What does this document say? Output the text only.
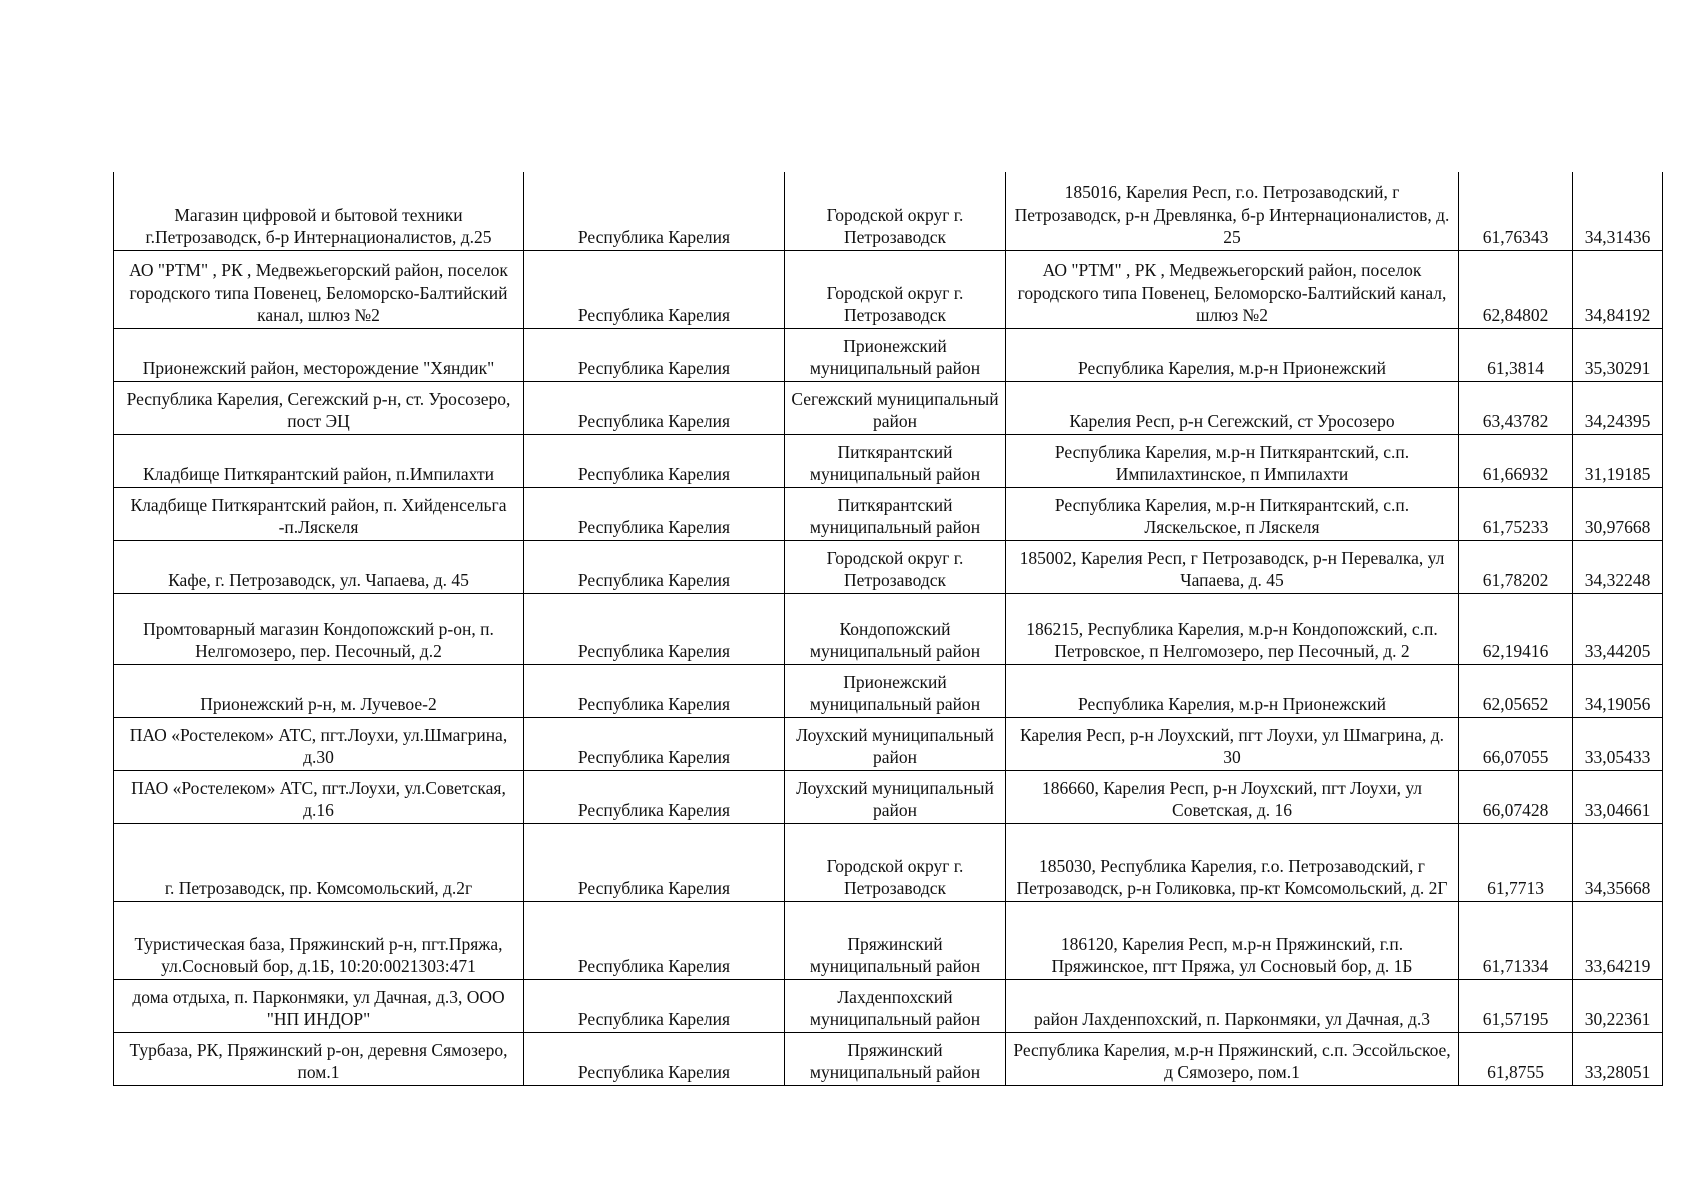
Магазин цифровой и бытовой техники г.Петрозаводск, б-р Интернационалистов, д.25	Республика Карелия	Городской округ г. Петрозаводск	185016, Карелия Респ, г.о. Петрозаводский, г Петрозаводск, р-н Древлянка, б-р Интернационалистов, д. 25	61,76343	34,31436
АО "РТМ" , РК , Медвежьегорский район, поселок городского типа Повенец, Беломорско-Балтийский канал, шлюз №2	Республика Карелия	Городской округ г. Петрозаводск	АО "РТМ" , РК , Медвежьегорский район, поселок городского типа Повенец, Беломорско-Балтийский канал, шлюз №2	62,84802	34,84192
Прионежский район, месторождение "Хяндик"	Республика Карелия	Прионежский муниципальный район	Республика Карелия, м.р-н Прионежский	61,3814	35,30291
Республика Карелия, Сегежский р-н, ст. Уросозеро, пост ЭЦ	Республика Карелия	Сегежский муниципальный район	Карелия Респ, р-н Сегежский, ст Уросозеро	63,43782	34,24395
Кладбище Питкярантский район, п.Импилахти	Республика Карелия	Питкярантский муниципальный район	Республика Карелия, м.р-н Питкярантский, с.п. Импилахтинское, п Импилахти	61,66932	31,19185
Кладбище Питкярантский район, п. Хийденсельга -п.Ляскеля	Республика Карелия	Питкярантский муниципальный район	Республика Карелия, м.р-н Питкярантский, с.п. Ляскельское, п Ляскеля	61,75233	30,97668
Кафе, г. Петрозаводск, ул. Чапаева, д. 45	Республика Карелия	Городской округ г. Петрозаводск	185002, Карелия Респ, г Петрозаводск, р-н Перевалка, ул Чапаева, д. 45	61,78202	34,32248
Промтоварный магазин Кондопожский р-он, п. Нелгомозеро, пер. Песочный, д.2	Республика Карелия	Кондопожский муниципальный район	186215, Республика Карелия, м.р-н Кондопожский, с.п. Петровское, п Нелгомозеро, пер Песочный, д. 2	62,19416	33,44205
Прионежский р-н, м. Лучевое-2	Республика Карелия	Прионежский муниципальный район	Республика Карелия, м.р-н Прионежский	62,05652	34,19056
ПАО «Ростелеком» АТС, пгт.Лоухи, ул.Шмагрина, д.30	Республика Карелия	Лоухский муниципальный район	Карелия Респ, р-н Лоухский, пгт Лоухи, ул Шмагрина, д. 30	66,07055	33,05433
ПАО «Ростелеком» АТС, пгт.Лоухи, ул.Советская, д.16	Республика Карелия	Лоухский муниципальный район	186660, Карелия Респ, р-н Лоухский, пгт Лоухи, ул Советская, д. 16	66,07428	33,04661
г. Петрозаводск, пр. Комсомольский, д.2г	Республика Карелия	Городской округ г. Петрозаводск	185030, Республика Карелия, г.о. Петрозаводский, г Петрозаводск, р-н Голиковка, пр-кт Комсомольский, д. 2Г	61,7713	34,35668
Туристическая база, Пряжинский р-н, пгт.Пряжа, ул.Сосновый бор, д.1Б, 10:20:0021303:471	Республика Карелия	Пряжинский муниципальный район	186120, Карелия Респ, м.р-н Пряжинский, г.п. Пряжинское, пгт Пряжа, ул Сосновый бор, д. 1Б	61,71334	33,64219
дома отдыха, п. Парконмяки, ул Дачная, д.3, ООО "НП ИНДОР"	Республика Карелия	Лахденпохский муниципальный район	район Лахденпохский, п. Парконмяки, ул Дачная, д.3	61,57195	30,22361
Турбаза, РК, Пряжинский р-он, деревня Сямозеро, пом.1	Республика Карелия	Пряжинский муниципальный район	Республика Карелия, м.р-н Пряжинский, с.п. Эссойльское, д Сямозеро, пом.1	61,8755	33,28051
